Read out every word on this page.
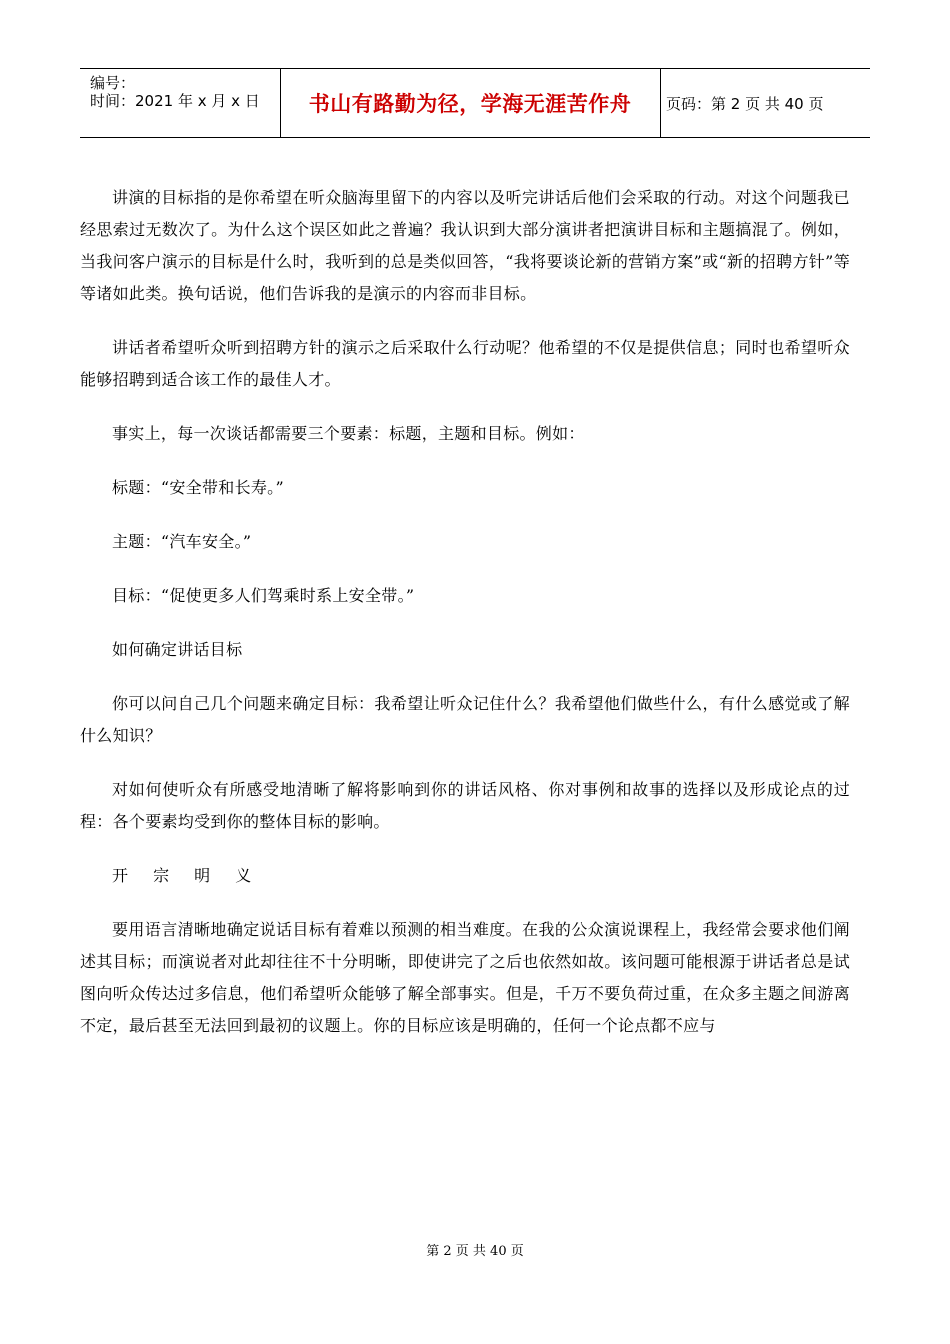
编号：
时间：2021 年 x 月 x 日	书山有路勤为径，学海无涯苦作舟	页码：第 2 页 共 40 页

讲演的目标指的是你希望在听众脑海里留下的内容以及听完讲话后他们会采取的行动。对这个问题我已经思索过无数次了。为什么这个误区如此之普遍？我认识到大部分演讲者把演讲目标和主题搞混了。例如，当我问客户演示的目标是什么时，我听到的总是类似回答，“我将要谈论新的营销方案”或“新的招聘方针”等等诸如此类。换句话说，他们告诉我的是演示的内容而非目标。

讲话者希望听众听到招聘方针的演示之后采取什么行动呢？他希望的不仅是提供信息；同时也希望听众能够招聘到适合该工作的最佳人才。

事实上，每一次谈话都需要三个要素：标题，主题和目标。例如：

标题：“安全带和长寿。”

主题：“汽车安全。”

目标：“促使更多人们驾乘时系上安全带。”

如何确定讲话目标

你可以问自己几个问题来确定目标：我希望让听众记住什么？我希望他们做些什么，有什么感觉或了解什么知识？

对如何使听众有所感受地清晰了解将影响到你的讲话风格、你对事例和故事的选择以及形成论点的过程：各个要素均受到你的整体目标的影响。

开 宗 明 义

要用语言清晰地确定说话目标有着难以预测的相当难度。在我的公众演说课程上，我经常会要求他们阐述其目标；而演说者对此却往往不十分明晰，即使讲完了之后也依然如故。该问题可能根源于讲话者总是试图向听众传达过多信息，他们希望听众能够了解全部事实。但是，千万不要负荷过重，在众多主题之间游离不定，最后甚至无法回到最初的议题上。你的目标应该是明确的，任何一个论点都不应与

第 2 页 共 40 页
